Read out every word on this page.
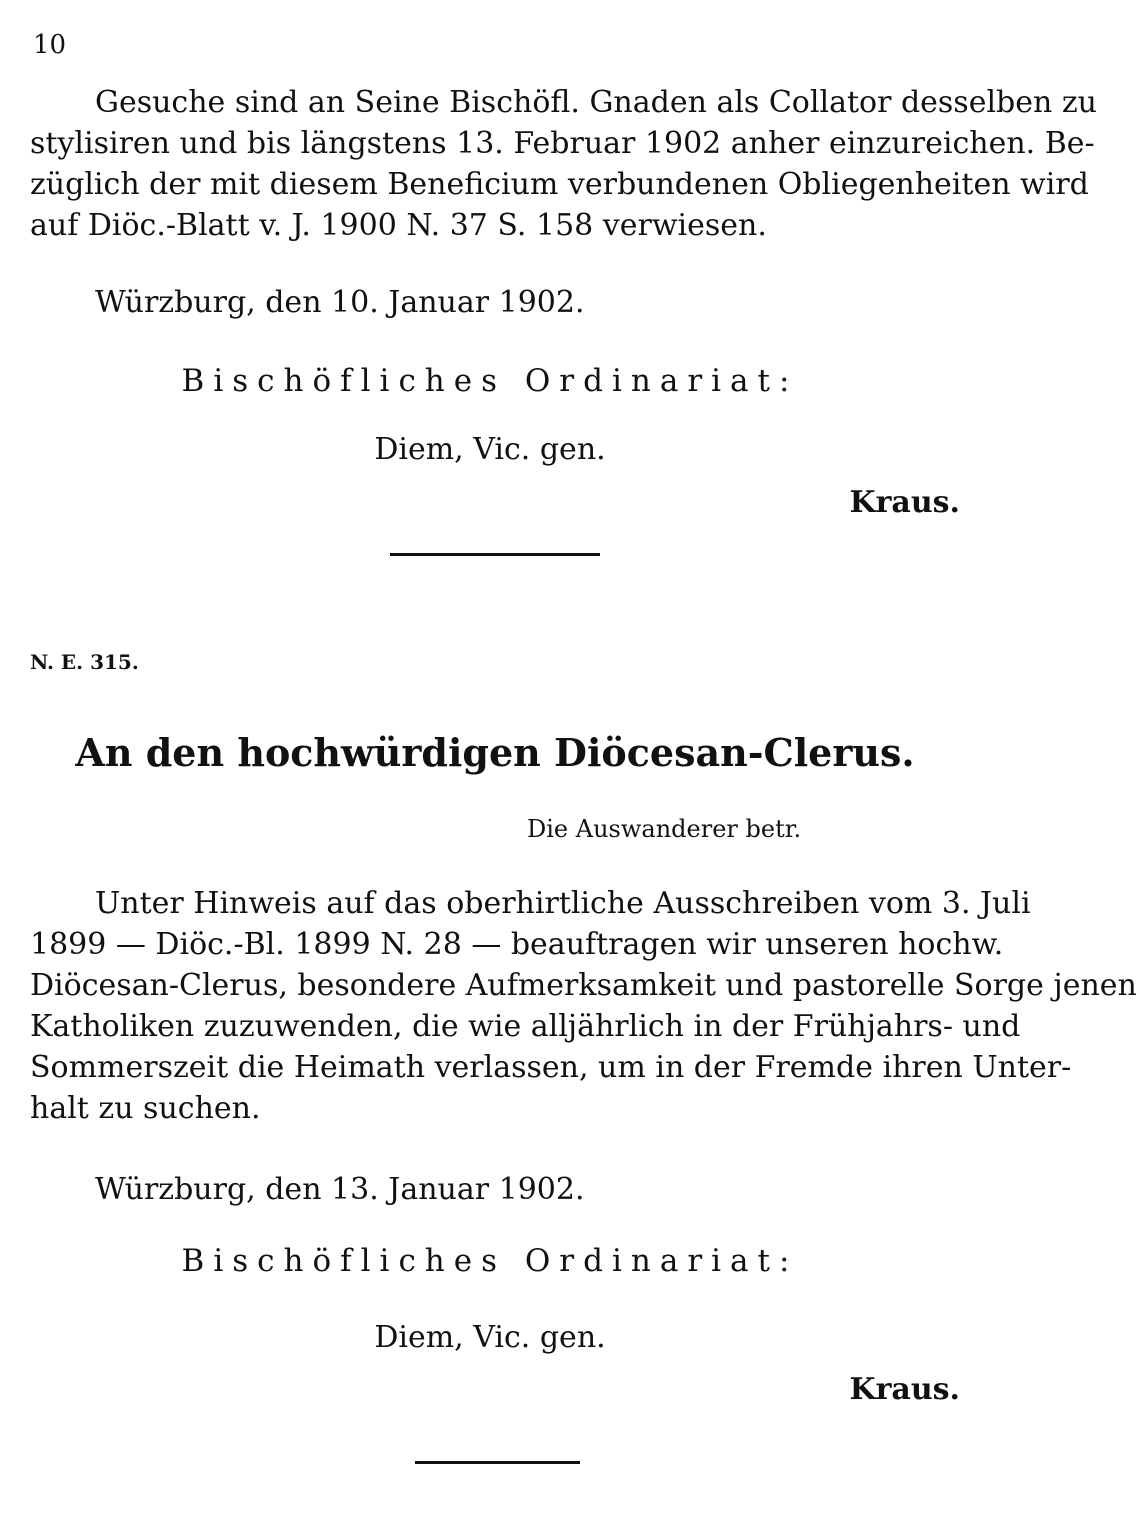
10
Gesuche sind an Seine Bischöfl. Gnaden als Collator desselben zu
stylisiren und bis längstens 13. Februar 1902 anher einzureichen. Be-
züglich der mit diesem Beneficium verbundenen Obliegenheiten wird
auf Diöc.-Blatt v. J. 1900 N. 37 S. 158 verwiesen.
Würzburg, den 10. Januar 1902.
Bischöfliches Ordinariat:
Diem, Vic. gen.
Kraus.
N. E. 315.
An den hochwürdigen Diöcesan-Clerus.
Die Auswanderer betr.
Unter Hinweis auf das oberhirtliche Ausschreiben vom 3. Juli
1899 — Diöc.-Bl. 1899 N. 28 — beauftragen wir unseren hochw.
Diöcesan-Clerus, besondere Aufmerksamkeit und pastorelle Sorge jenen
Katholiken zuzuwenden, die wie alljährlich in der Frühjahrs- und
Sommerszeit die Heimath verlassen, um in der Fremde ihren Unter-
halt zu suchen.
Würzburg, den 13. Januar 1902.
Bischöfliches Ordinariat:
Diem, Vic. gen.
Kraus.
